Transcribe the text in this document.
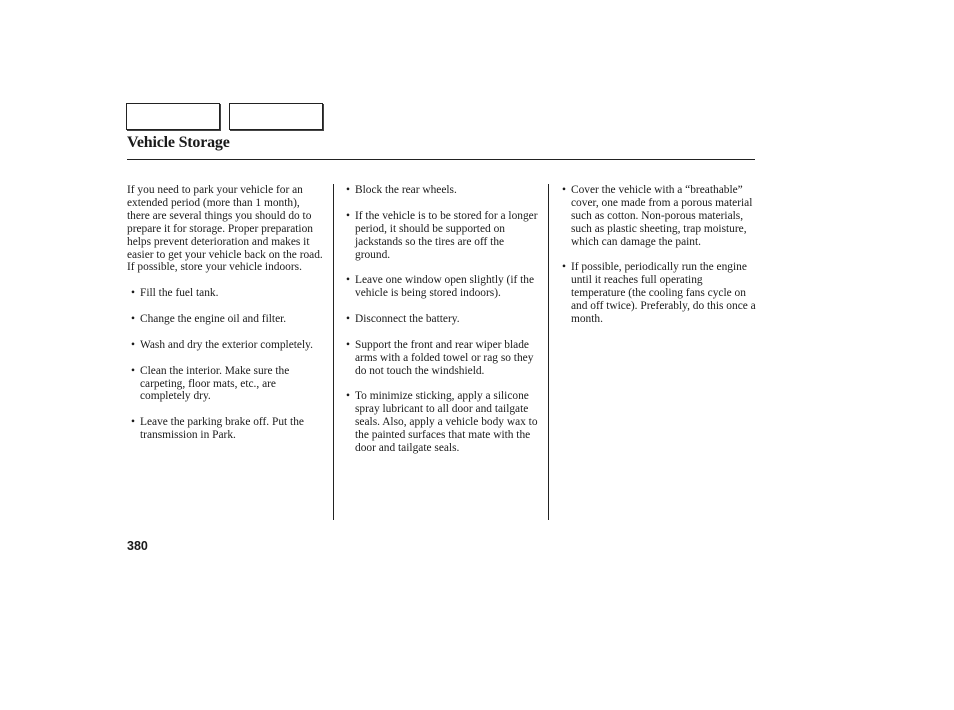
Vehicle Storage

If you need to park your vehicle for an extended period (more than 1 month), there are several things you should do to prepare it for storage. Proper preparation helps prevent deterioration and makes it easier to get your vehicle back on the road. If possible, store your vehicle indoors.

• Fill the fuel tank.
• Change the engine oil and filter.
• Wash and dry the exterior completely.
• Clean the interior. Make sure the carpeting, floor mats, etc., are completely dry.
• Leave the parking brake off. Put the transmission in Park.
• Block the rear wheels.
• If the vehicle is to be stored for a longer period, it should be supported on jackstands so the tires are off the ground.
• Leave one window open slightly (if the vehicle is being stored indoors).
• Disconnect the battery.
• Support the front and rear wiper blade arms with a folded towel or rag so they do not touch the windshield.
• To minimize sticking, apply a silicone spray lubricant to all door and tailgate seals. Also, apply a vehicle body wax to the painted surfaces that mate with the door and tailgate seals.
• Cover the vehicle with a “breathable” cover, one made from a porous material such as cotton. Non-porous materials, such as plastic sheeting, trap moisture, which can damage the paint.
• If possible, periodically run the engine until it reaches full operating temperature (the cooling fans cycle on and off twice). Preferably, do this once a month.
380
